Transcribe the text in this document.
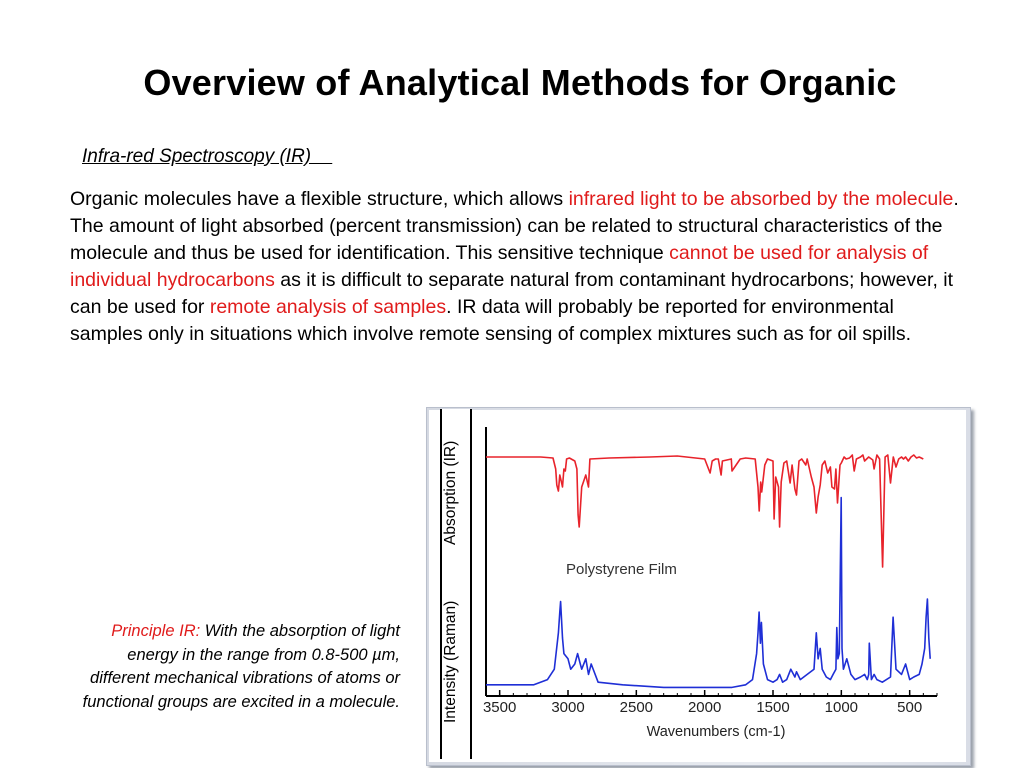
Overview of Analytical Methods for Organic
Infra-red Spectroscopy (IR)
Organic molecules have a flexible structure, which allows infrared light to be absorbed by the molecule. The amount of light absorbed (percent transmission) can be related to structural characteristics of the molecule and thus be used for identification. This sensitive technique cannot be used for analysis of individual hydrocarbons as it is difficult to separate natural from contaminant hydrocarbons; however, it can be used for remote analysis of samples. IR data will probably be reported for environmental samples only in situations which involve remote sensing of complex mixtures such as for oil spills.
Principle IR: With the absorption of light energy in the range from 0.8-500 µm, different mechanical vibrations of atoms or functional groups are excited in a molecule.
Absorption (IR)
Intensity (Raman) 3500 3000 2500 2000 1500 1000	500
Wavenumbers (cm-1)
Polystyrene Film
